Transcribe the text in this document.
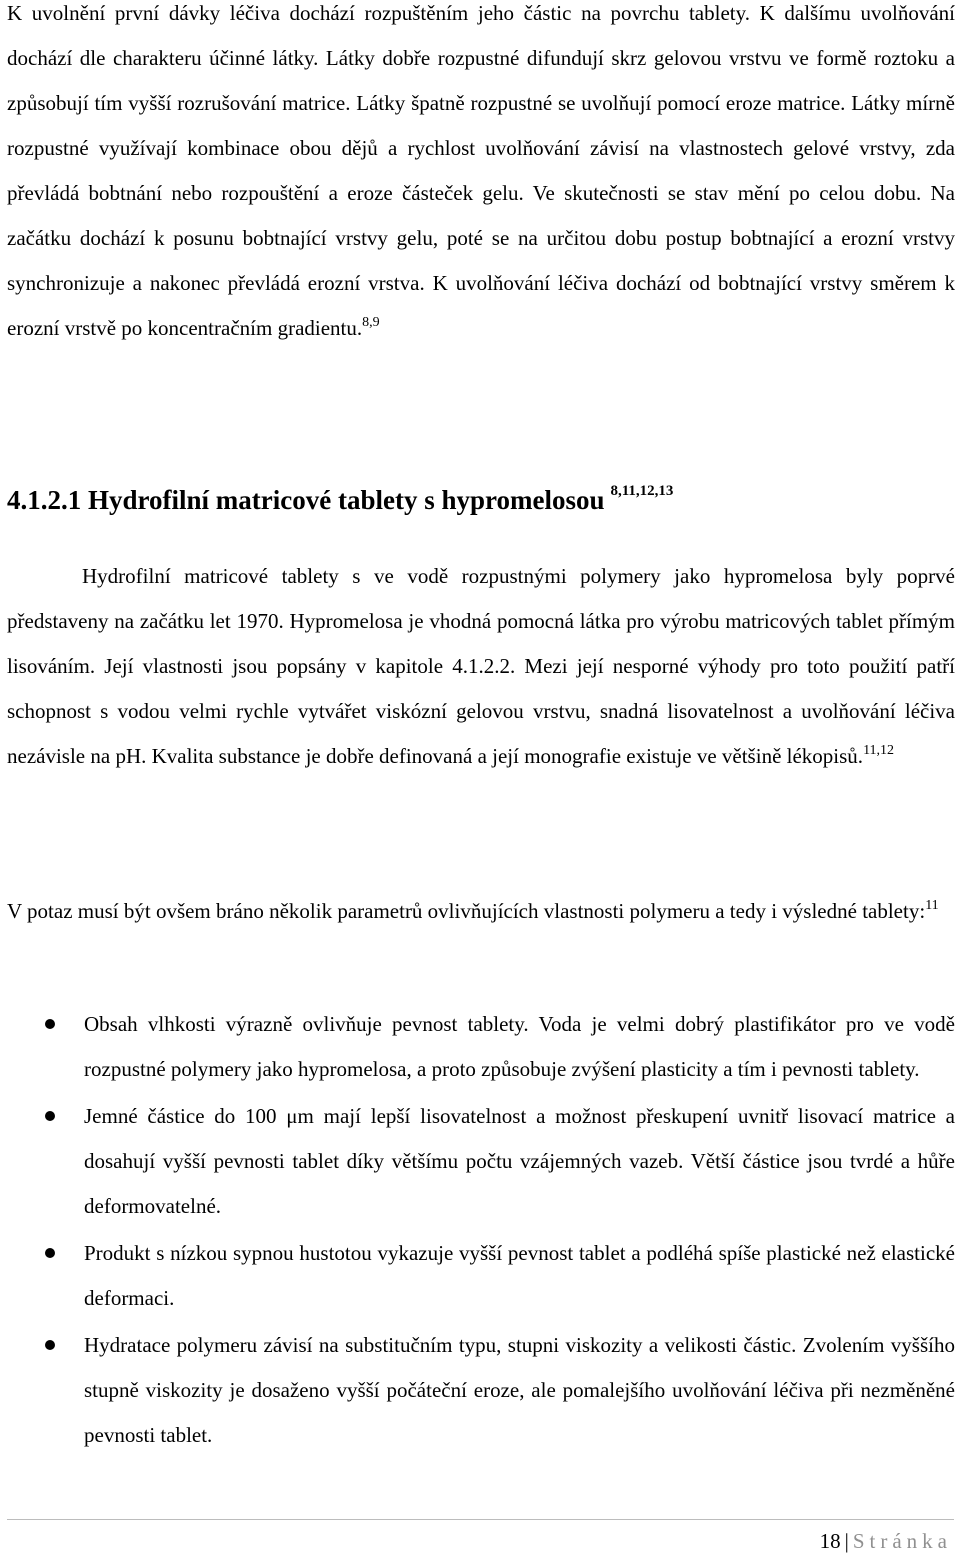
K uvolnění první dávky léčiva dochází rozpuštěním jeho částic na povrchu tablety. K dalšímu uvolňování dochází dle charakteru účinné látky. Látky dobře rozpustné difundují skrz gelovou vrstvu ve formě roztoku a způsobují tím vyšší rozrušování matrice. Látky špatně rozpustné se uvolňují pomocí eroze matrice. Látky mírně rozpustné využívají kombinace obou dějů a rychlost uvolňování závisí na vlastnostech gelové vrstvy, zda převládá bobtnání nebo rozpouštění a eroze částeček gelu. Ve skutečnosti se stav mění po celou dobu. Na začátku dochází k posunu bobtnající vrstvy gelu, poté se na určitou dobu postup bobtnající a erozní vrstvy synchronizuje a nakonec převládá erozní vrstva. K uvolňování léčiva dochází od bobtnající vrstvy směrem k erozní vrstvě po koncentračním gradientu.$^{8,9}$

4.1.2.1 Hydrofilní matricové tablety s hypromelosou $^{8,11,12,13}$

Hydrofilní matricové tablety s ve vodě rozpustnými polymery jako hypromelosa byly poprvé představeny na začátku let 1970. Hypromelosa je vhodná pomocná látka pro výrobu matricových tablet přímým lisováním. Její vlastnosti jsou popsány v kapitole 4.1.2.2. Mezi její nesporné výhody pro toto použití patří schopnost s vodou velmi rychle vytvářet viskózní gelovou vrstvu, snadná lisovatelnost a uvolňování léčiva nezávisle na pH. Kvalita substance je dobře definovaná a její monografie existuje ve většině lékopisů.$^{11,12}$

V potaz musí být ovšem bráno několik parametrů ovlivňujících vlastnosti polymeru a tedy i výsledné tablety:$^{11}$

Obsah vlhkosti výrazně ovlivňuje pevnost tablety. Voda je velmi dobrý plastifikátor pro ve vodě rozpustné polymery jako hypromelosa, a proto způsobuje zvýšení plasticity a tím i pevnosti tablety.
Jemné částice do 100 μm mají lepší lisovatelnost a možnost přeskupení uvnitř lisovací matrice a dosahují vyšší pevnosti tablet díky většímu počtu vzájemných vazeb. Větší částice jsou tvrdé a hůře deformovatelné.
Produkt s nízkou sypnou hustotou vykazuje vyšší pevnost tablet a podléhá spíše plastické než elastické deformaci.
Hydratace polymeru závisí na substitučním typu, stupni viskozity a velikosti částic. Zvolením vyššího stupně viskozity je dosaženo vyšší počáteční eroze, ale pomalejšího uvolňování léčiva při nezměněné pevnosti tablet.
18 | Stránka
